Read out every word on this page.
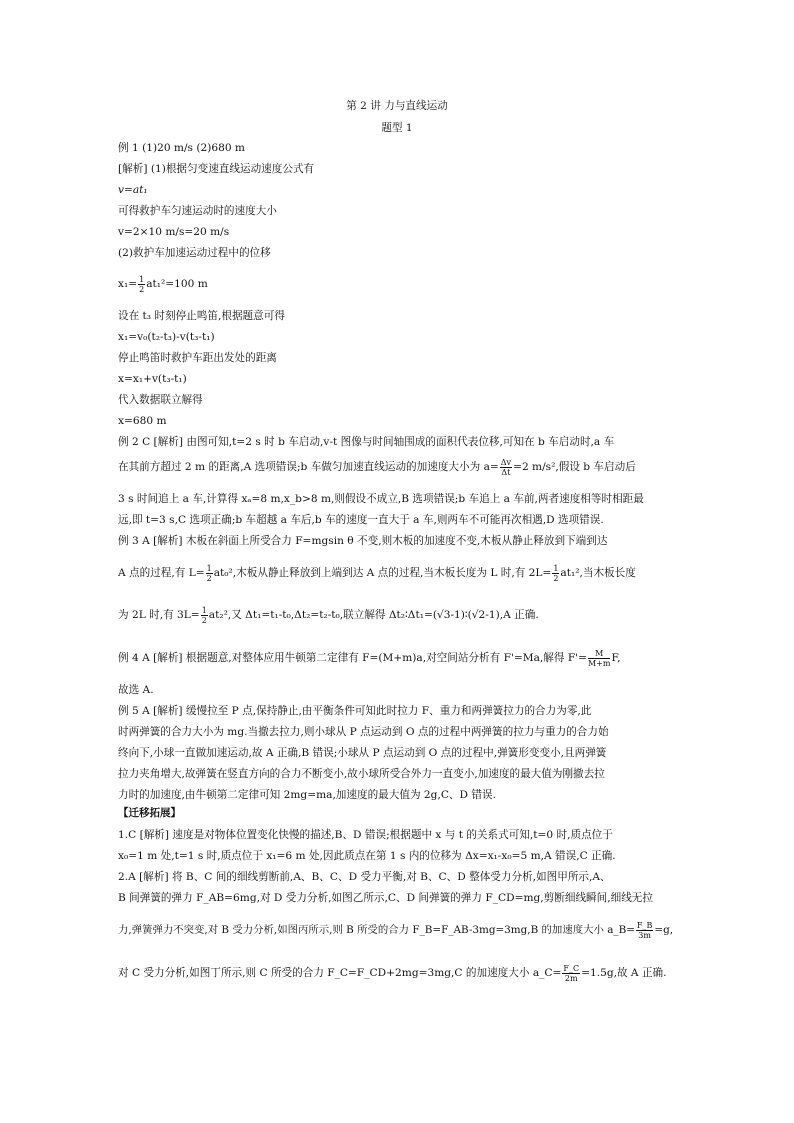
第 2 讲 力与直线运动
题型 1
例 1 (1)20 m/s (2)680 m
[解析] (1)根据匀变速直线运动速度公式有
v=at₁
可得救护车匀速运动时的速度大小
v=2×10 m/s=20 m/s
(2)救护车加速运动过程中的位移
$x_1= \frac{1}{2} at_1^2=100$ m
设在 t₃ 时刻停止鸣笛,根据题意可得
x₁=v₀(t₂-t₃)-v(t₃-t₁)
停止鸣笛时救护车距出发处的距离
x=x₁+v(t₃-t₁)
代入数据联立解得
x=680 m
例 2 C [解析] 由图可知,t=2 s 时 b 车启动,v-t 图像与时间轴围成的面积代表位移,可知在 b 车启动时,a 车
在其前方超过 2 m 的距离,A 选项错误;b 车做匀加速直线运动的加速度大小为 $a= \frac{\Delta v}{\Delta t} =2$ m/s²,假设 b 车启动后
3 s 时间追上 a 车,计算得 xₐ=8 m,x_b>8 m,则假设不成立,B 选项错误;b 车追上 a 车前,两者速度相等时相距最
远,即 t=3 s,C 选项正确;b 车超越 a 车后,b 车的速度一直大于 a 车,则两车不可能再次相遇,D 选项错误.
例 3 A [解析] 木板在斜面上所受合力 F=mgsin θ 不变,则木板的加速度不变,木板从静止释放到下端到达
A 点的过程,有 $L= \frac{1}{2} at_0^2$,木板从静止释放到上端到达 A 点的过程,当木板长度为 L 时,有 $2L= \frac{1}{2} at_1^2$,当木板长度
为 2L 时,有 $3L= \frac{1}{2} at_2^2$,又 Δt₁=t₁-t₀,Δt₂=t₂-t₀,联立解得 Δt₂∶Δt₁=(√3-1)∶(√2-1),A 正确.
例 4 A [解析] 根据题意,对整体应用牛顿第二定律有 F=(M+m)a,对空间站分析有 F'=Ma,解得 $F'= \frac{M}{M+m} F$,
故选 A.
例 5 A [解析] 缓慢拉至 P 点,保持静止,由平衡条件可知此时拉力 F、重力和两弹簧拉力的合力为零,此
时两弹簧的合力大小为 mg.当撤去拉力,则小球从 P 点运动到 O 点的过程中两弹簧的拉力与重力的合力始
终向下,小球一直做加速运动,故 A 正确,B 错误;小球从 P 点运动到 O 点的过程中,弹簧形变变小,且两弹簧
拉力夹角增大,故弹簧在竖直方向的合力不断变小,故小球所受合外力一直变小,加速度的最大值为刚撤去拉
力时的加速度,由牛顿第二定律可知 2mg=ma,加速度的最大值为 2g,C、D 错误.
【迁移拓展】
1.C [解析] 速度是对物体位置变化快慢的描述,B、D 错误;根据题中 x 与 t 的关系式可知,t=0 时,质点位于
x₀=1 m 处,t=1 s 时,质点位于 x₁=6 m 处,因此质点在第 1 s 内的位移为 Δx=x₁-x₀=5 m,A 错误,C 正确.
2.A [解析] 将 B、C 间的细线剪断前,A、B、C、D 受力平衡,对 B、C、D 整体受力分析,如图甲所示,A、
B 间弹簧的弹力 F_AB=6mg,对 D 受力分析,如图乙所示,C、D 间弹簧的弹力 F_CD=mg,剪断细线瞬间,细线无拉
力,弹簧弹力不突变,对 B 受力分析,如图丙所示,则 B 所受的合力 F_B=F_AB-3mg=3mg,B 的加速度大小 a_B= $\frac{F\_B}{3m} =g$,
对 C 受力分析,如图丁所示,则 C 所受的合力 F_C=F_CD+2mg=3mg,C 的加速度大小 a_C= $\frac{F\_C}{2m} =1.5g$,故 A 正确.
